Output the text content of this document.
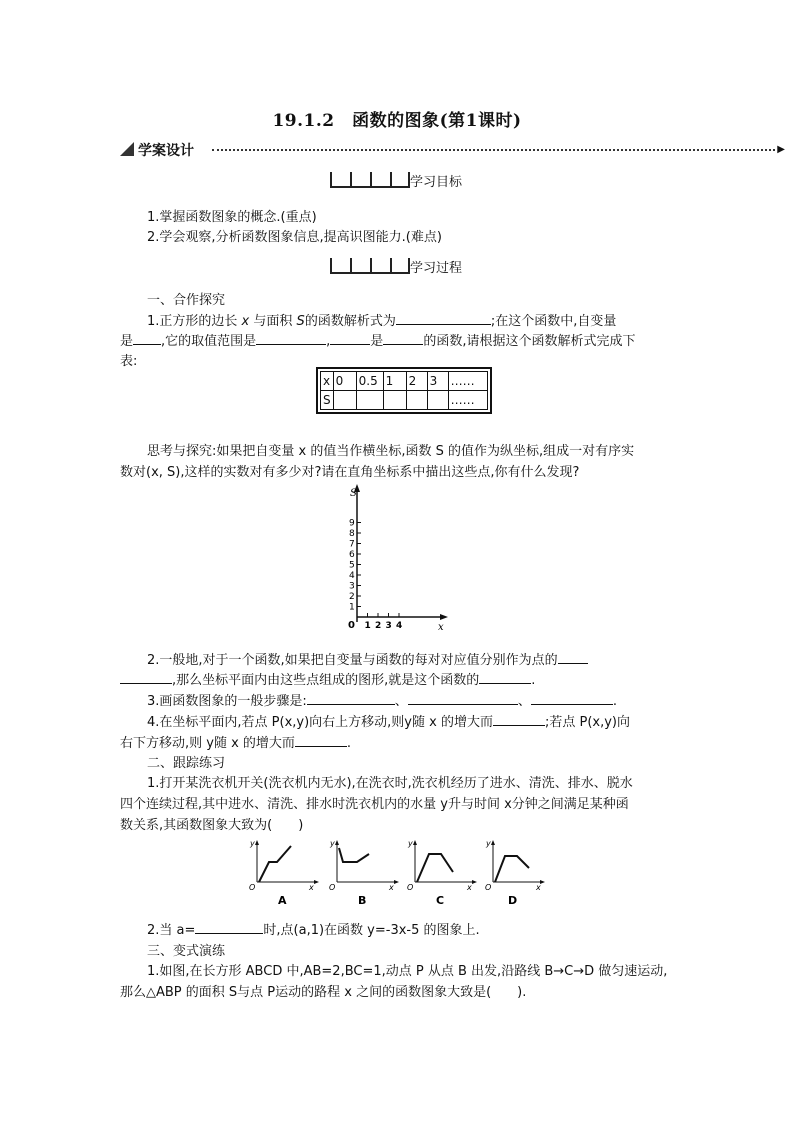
19.1.2　函数的图象(第1课时)
学案设计	▶
学习目标

1.掌握函数图象的概念.(重点)

2.学会观察,分析函数图象信息,提高识图能力.(难点)

学习过程

一、合作探究

1.正方形的边长 x 与面积 S的函数解析式为	;在这个函数中,自变量

是 ,它的取值范围是	,	是	的函数,请根据这个函数解析式完成下

表:

x	0	0.5	1	2	3	……
S						……

思考与探究:如果把自变量 x 的值当作横坐标,函数 S 的值作为纵坐标,组成一对有序实

数对(x, S),这样的实数对有多少对?请在直角坐标系中描出这些点,你有什么发现?

1
2
3
4
5
6
7
8
9
1 2 3 4
S
x
0

2.一般地,对于一个函数,如果把自变量与函数的每对对应值分别作为点的

,那么坐标平面内由这些点组成的图形,就是这个函数的	.

3.画函数图象的一般步骤是:	、	、	.

4.在坐标平面内,若点 P(x,y)向右上方移动,则y随 x 的增大而	;若点 P(x,y)向

右下方移动,则 y随 x 的增大而	.

二、跟踪练习

1.打开某洗衣机开关(洗衣机内无水),在洗衣时,洗衣机经历了进水、清洗、排水、脱水

四个连续过程,其中进水、清洗、排水时洗衣机内的水量 y升与时间 x分钟之间满足某种函

数关系,其函数图象大致为(　　)

y
O	x
A
y
O	x
B
y
O	x
C
y
O	x
D

2.当 a=	时,点(a,1)在函数 y=-3x-5 的图象上.

三、变式演练

1.如图,在长方形 ABCD 中,AB=2,BC=1,动点 P 从点 B 出发,沿路线 B→C→D 做匀速运动,

那么△ABP 的面积 S与点 P运动的路程 x 之间的函数图象大致是(　　).
